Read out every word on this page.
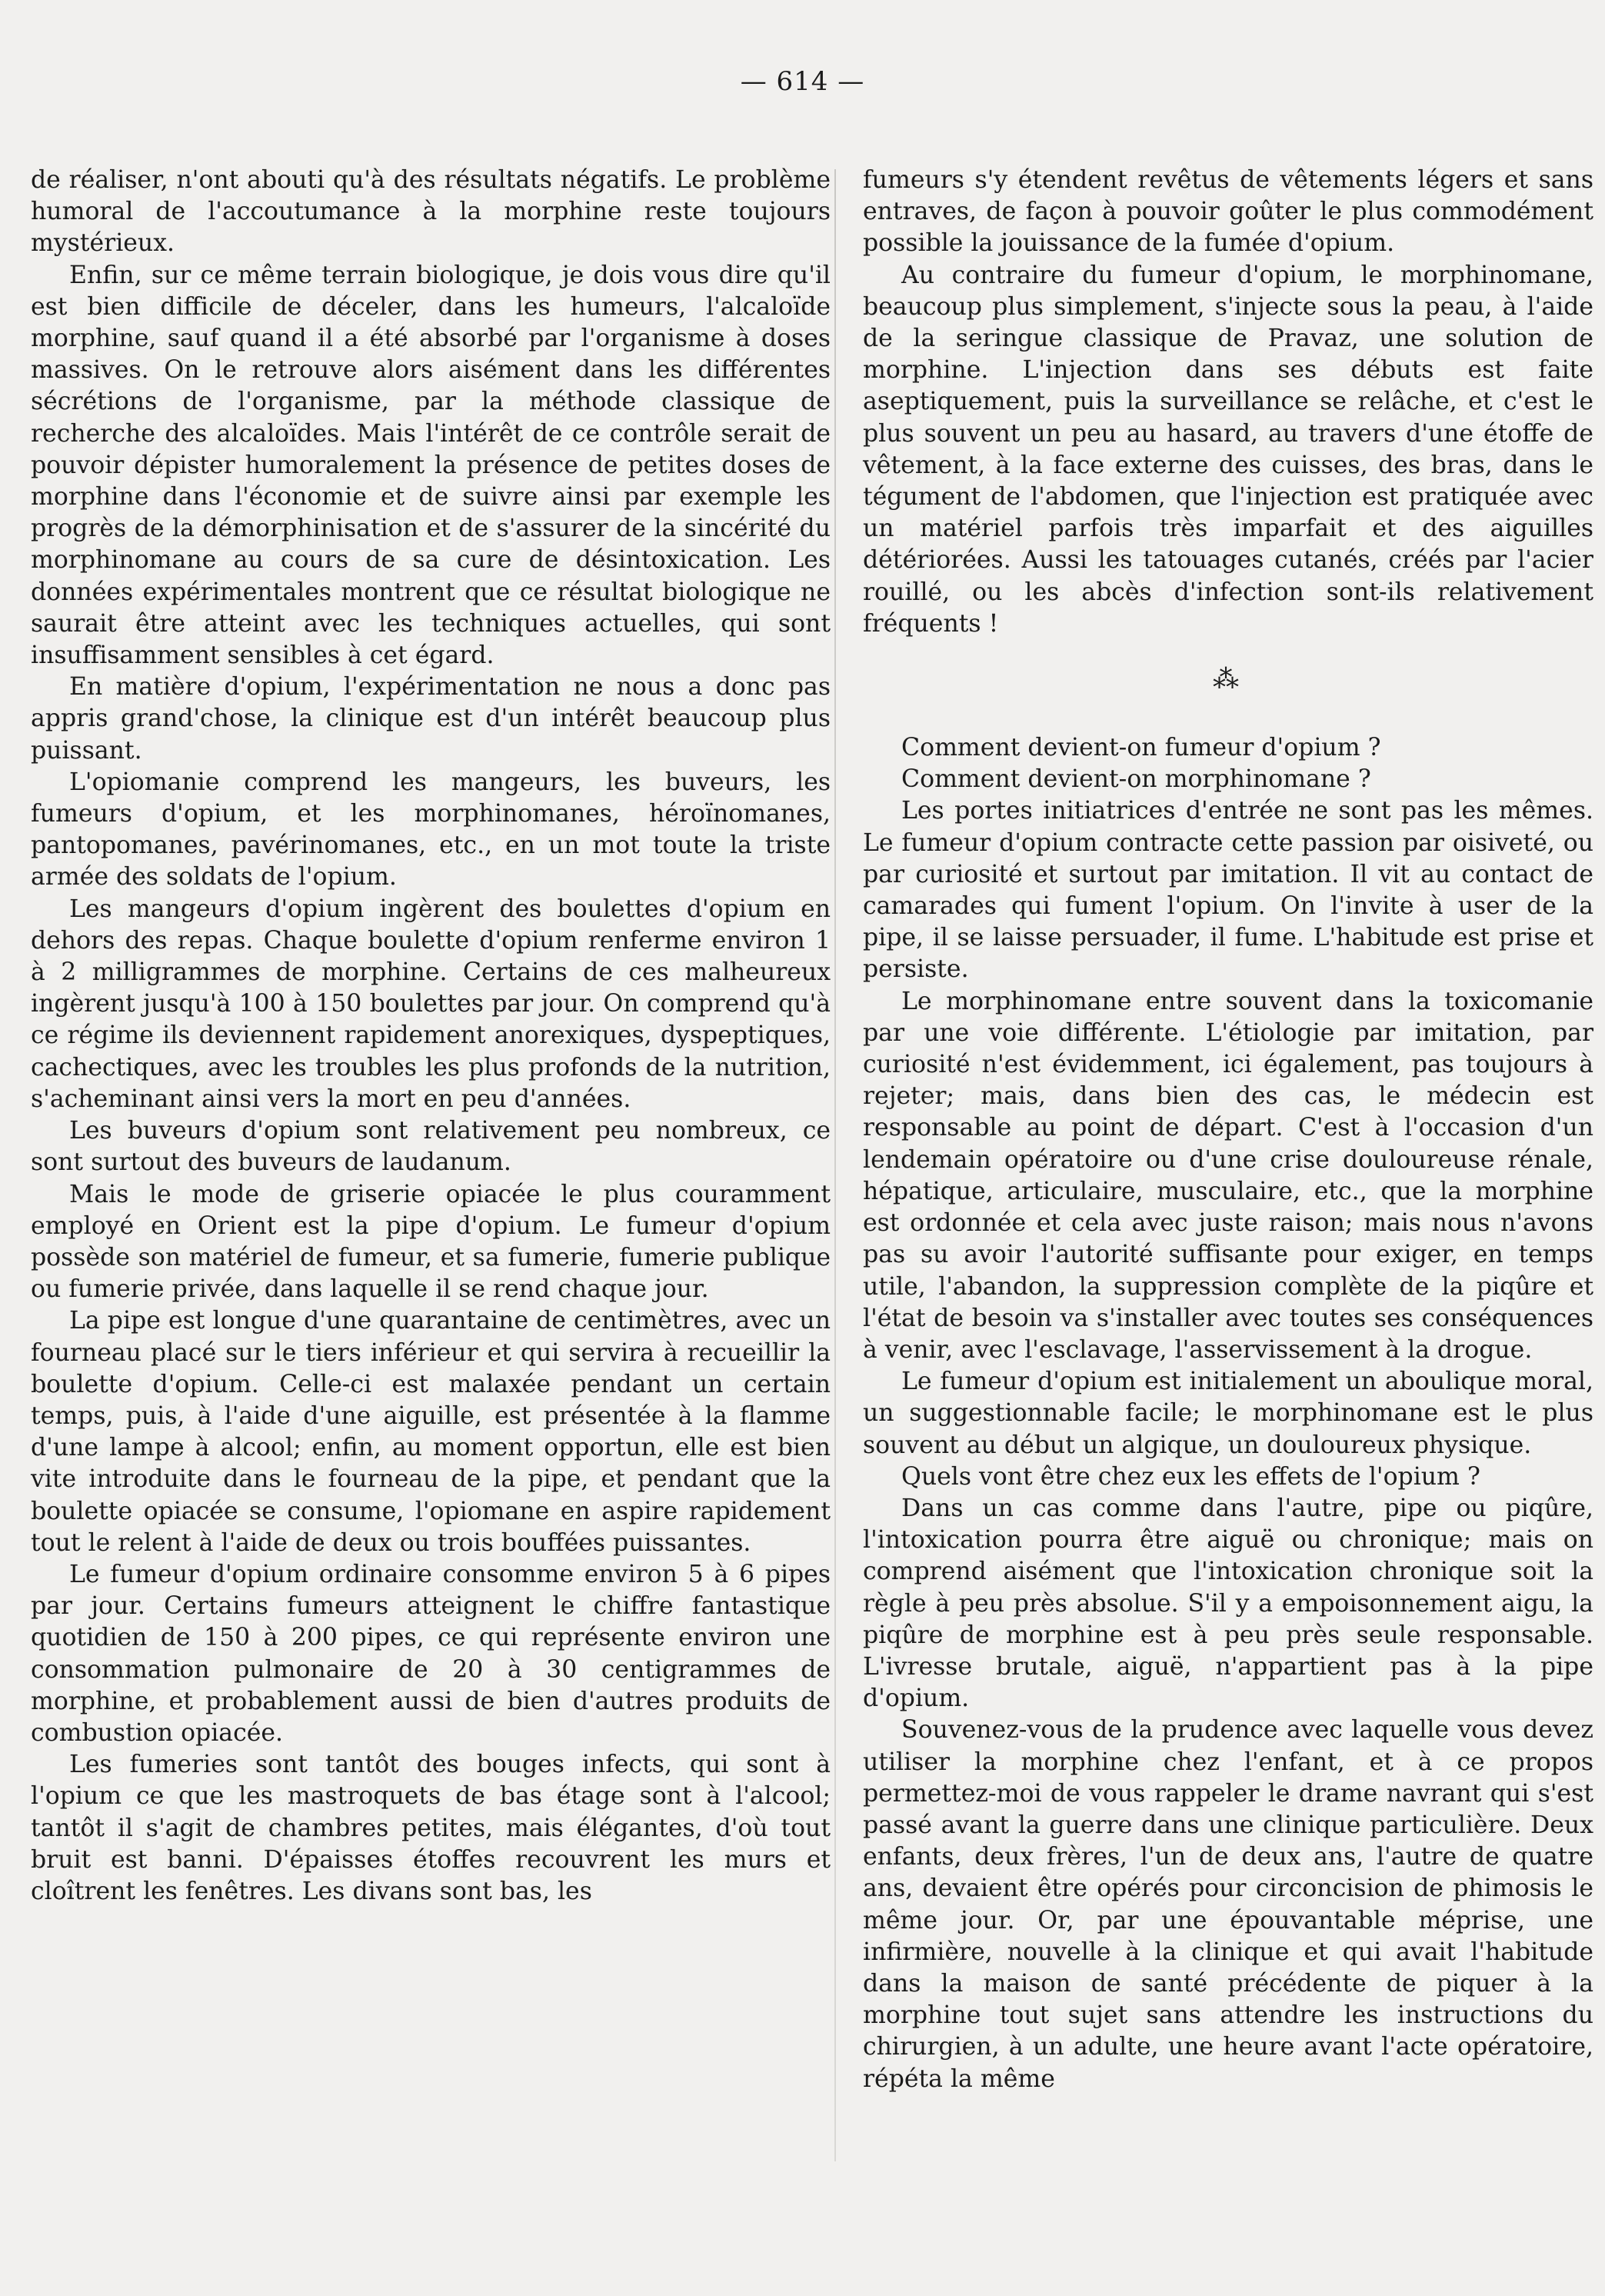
— 614 —

de réaliser, n'ont abouti qu'à des résultats négatifs. Le problème humoral de l'accoutumance à la morphine reste toujours mystérieux.

Enfin, sur ce même terrain biologique, je dois vous dire qu'il est bien difficile de déceler, dans les humeurs, l'alcaloïde morphine, sauf quand il a été absorbé par l'organisme à doses massives. On le retrouve alors aisément dans les différentes sécrétions de l'organisme, par la méthode classique de recherche des alcaloïdes. Mais l'intérêt de ce contrôle serait de pouvoir dépister humoralement la présence de petites doses de morphine dans l'économie et de suivre ainsi par exemple les progrès de la démorphinisation et de s'assurer de la sincérité du morphinomane au cours de sa cure de désintoxication. Les données expérimentales montrent que ce résultat biologique ne saurait être atteint avec les techniques actuelles, qui sont insuffisamment sensibles à cet égard.

En matière d'opium, l'expérimentation ne nous a donc pas appris grand'chose, la clinique est d'un intérêt beaucoup plus puissant.

L'opiomanie comprend les mangeurs, les buveurs, les fumeurs d'opium, et les morphinomanes, héroïnomanes, pantopomanes, pavérinomanes, etc., en un mot toute la triste armée des soldats de l'opium.

Les mangeurs d'opium ingèrent des boulettes d'opium en dehors des repas. Chaque boulette d'opium renferme environ 1 à 2 milligrammes de morphine. Certains de ces malheureux ingèrent jusqu'à 100 à 150 boulettes par jour. On comprend qu'à ce régime ils deviennent rapidement anorexiques, dyspeptiques, cachectiques, avec les troubles les plus profonds de la nutrition, s'acheminant ainsi vers la mort en peu d'années.

Les buveurs d'opium sont relativement peu nombreux, ce sont surtout des buveurs de laudanum.

Mais le mode de griserie opiacée le plus couramment employé en Orient est la pipe d'opium. Le fumeur d'opium possède son matériel de fumeur, et sa fumerie, fumerie publique ou fumerie privée, dans laquelle il se rend chaque jour.

La pipe est longue d'une quarantaine de centimètres, avec un fourneau placé sur le tiers inférieur et qui servira à recueillir la boulette d'opium. Celle-ci est malaxée pendant un certain temps, puis, à l'aide d'une aiguille, est présentée à la flamme d'une lampe à alcool; enfin, au moment opportun, elle est bien vite introduite dans le fourneau de la pipe, et pendant que la boulette opiacée se consume, l'opiomane en aspire rapidement tout le relent à l'aide de deux ou trois bouffées puissantes.

Le fumeur d'opium ordinaire consomme environ 5 à 6 pipes par jour. Certains fumeurs atteignent le chiffre fantastique quotidien de 150 à 200 pipes, ce qui représente environ une consommation pulmonaire de 20 à 30 centigrammes de morphine, et probablement aussi de bien d'autres produits de combustion opiacée.

Les fumeries sont tantôt des bouges infects, qui sont à l'opium ce que les mastroquets de bas étage sont à l'alcool; tantôt il s'agit de chambres petites, mais élégantes, d'où tout bruit est banni. D'épaisses étoffes recouvrent les murs et cloîtrent les fenêtres. Les divans sont bas, les

fumeurs s'y étendent revêtus de vêtements légers et sans entraves, de façon à pouvoir goûter le plus commodément possible la jouissance de la fumée d'opium.

Au contraire du fumeur d'opium, le morphinomane, beaucoup plus simplement, s'injecte sous la peau, à l'aide de la seringue classique de Pravaz, une solution de morphine. L'injection dans ses débuts est faite aseptiquement, puis la surveillance se relâche, et c'est le plus souvent un peu au hasard, au travers d'une étoffe de vêtement, à la face externe des cuisses, des bras, dans le tégument de l'abdomen, que l'injection est pratiquée avec un matériel parfois très imparfait et des aiguilles détériorées. Aussi les tatouages cutanés, créés par l'acier rouillé, ou les abcès d'infection sont-ils relativement fréquents !

⁂

Comment devient-on fumeur d'opium ?

Comment devient-on morphinomane ?

Les portes initiatrices d'entrée ne sont pas les mêmes. Le fumeur d'opium contracte cette passion par oisiveté, ou par curiosité et surtout par imitation. Il vit au contact de camarades qui fument l'opium. On l'invite à user de la pipe, il se laisse persuader, il fume. L'habitude est prise et persiste.

Le morphinomane entre souvent dans la toxicomanie par une voie différente. L'étiologie par imitation, par curiosité n'est évidemment, ici également, pas toujours à rejeter; mais, dans bien des cas, le médecin est responsable au point de départ. C'est à l'occasion d'un lendemain opératoire ou d'une crise douloureuse rénale, hépatique, articulaire, musculaire, etc., que la morphine est ordonnée et cela avec juste raison; mais nous n'avons pas su avoir l'autorité suffisante pour exiger, en temps utile, l'abandon, la suppression complète de la piqûre et l'état de besoin va s'installer avec toutes ses conséquences à venir, avec l'esclavage, l'asservissement à la drogue.

Le fumeur d'opium est initialement un aboulique moral, un suggestionnable facile; le morphinomane est le plus souvent au début un algique, un douloureux physique.

Quels vont être chez eux les effets de l'opium ?

Dans un cas comme dans l'autre, pipe ou piqûre, l'intoxication pourra être aiguë ou chronique; mais on comprend aisément que l'intoxication chronique soit la règle à peu près absolue. S'il y a empoisonnement aigu, la piqûre de morphine est à peu près seule responsable. L'ivresse brutale, aiguë, n'appartient pas à la pipe d'opium.

Souvenez-vous de la prudence avec laquelle vous devez utiliser la morphine chez l'enfant, et à ce propos permettez-moi de vous rappeler le drame navrant qui s'est passé avant la guerre dans une clinique particulière. Deux enfants, deux frères, l'un de deux ans, l'autre de quatre ans, devaient être opérés pour circoncision de phimosis le même jour. Or, par une épouvantable méprise, une infirmière, nouvelle à la clinique et qui avait l'habitude dans la maison de santé précédente de piquer à la morphine tout sujet sans attendre les instructions du chirurgien, à un adulte, une heure avant l'acte opératoire, répéta la même
